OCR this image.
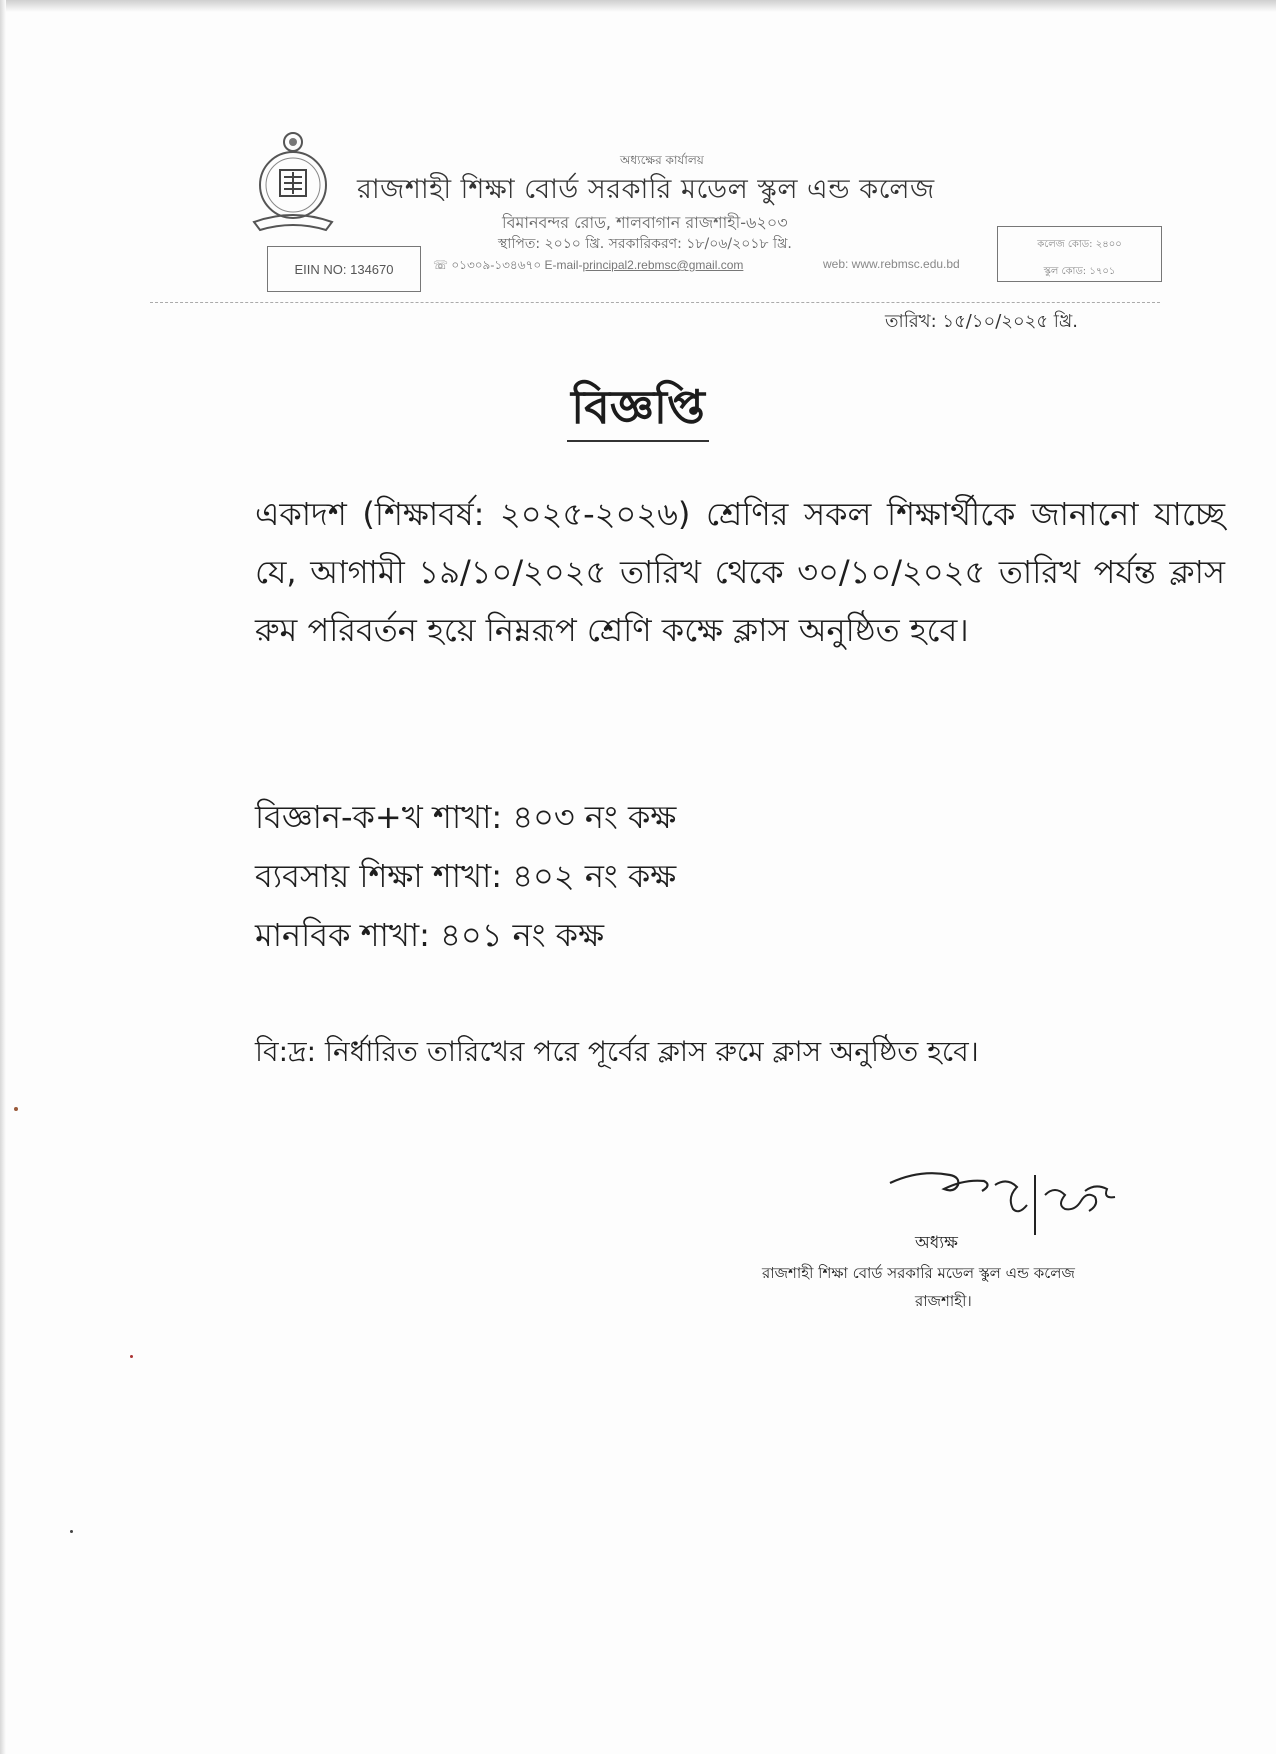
অধ্যক্ষের কার্যালয়
রাজশাহী শিক্ষা বোর্ড সরকারি মডেল স্কুল এন্ড কলেজ
বিমানবন্দর রোড, শালবাগান রাজশাহী-৬২০৩
স্থাপিত: ২০১০ খ্রি. সরকারিকরণ: ১৮/০৬/২০১৮ খ্রি.
EIIN NO: 134670	☏ ০১৩০৯-১৩৪৬৭০ E-mail-principal2.rebmsc@gmail.com	web: www.rebmsc.edu.bd
কলেজ কোড: ২৪০০
স্কুল কোড: ১৭০১
তারিখ: ১৫/১০/২০২৫ খ্রি.
বিজ্ঞপ্তি
একাদশ (শিক্ষাবর্ষ: ২০২৫-২০২৬) শ্রেণির সকল শিক্ষার্থীকে জানানো যাচ্ছে যে, আগামী ১৯/১০/২০২৫ তারিখ থেকে ৩০/১০/২০২৫ তারিখ পর্যন্ত ক্লাস রুম পরিবর্তন হয়ে নিম্নরূপ শ্রেণি কক্ষে ক্লাস অনুষ্ঠিত হবে।
বিজ্ঞান-ক+খ শাখা: ৪০৩ নং কক্ষ
ব্যবসায় শিক্ষা শাখা: ৪০২ নং কক্ষ
মানবিক শাখা: ৪০১ নং কক্ষ
বি:দ্র: নির্ধারিত তারিখের পরে পূর্বের ক্লাস রুমে ক্লাস অনুষ্ঠিত হবে।
অধ্যক্ষ
রাজশাহী শিক্ষা বোর্ড সরকারি মডেল স্কুল এন্ড কলেজ
রাজশাহী।
